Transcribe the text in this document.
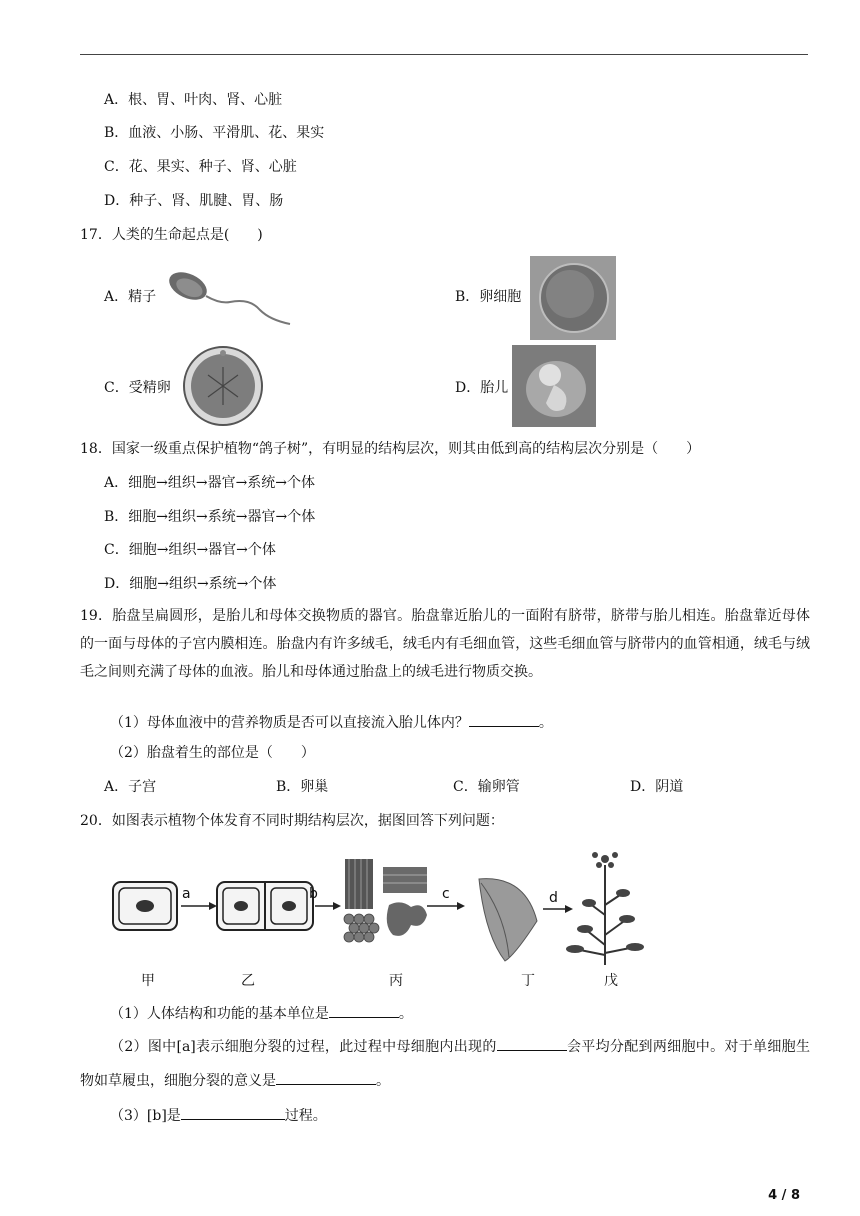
A．根、胃、叶肉、肾、心脏
B．血液、小肠、平滑肌、花、果实
C．花、果实、种子、肾、心脏
D．种子、肾、肌腱、胃、肠
17．人类的生命起点是(　　)
A．精子	B．卵细胞
C．受精卵	D．胎儿
18．国家一级重点保护植物“鸽子树”，有明显的结构层次，则其由低到高的结构层次分别是（　　）
A．细胞→组织→器官→系统→个体
B．细胞→组织→系统→器官→个体
C．细胞→组织→器官→个体
D．细胞→组织→系统→个体
19．胎盘呈扁圆形，是胎儿和母体交换物质的器官。胎盘靠近胎儿的一面附有脐带，脐带与胎儿相连。胎盘靠近母体的一面与母体的子宫内膜相连。胎盘内有许多绒毛，绒毛内有毛细血管，这些毛细血管与脐带内的血管相通，绒毛与绒毛之间则充满了母体的血液。胎儿和母体通过胎盘上的绒毛进行物质交换。
（1）母体血液中的营养物质是否可以直接流入胎儿体内？	。
（2）胎盘着生的部位是（　　）
A．子宫	B．卵巢	C．输卵管	D．阴道
20．如图表示植物个体发育不同时期结构层次，据图回答下列问题：
a	b	c	d
甲	乙	丙	丁	戊
（1）人体结构和功能的基本单位是	。
（2）图中[a]表示细胞分裂的过程，此过程中母细胞内出现的	会平均分配到两细胞中。对于单细胞生物如草履虫，细胞分裂的意义是	。
（3）[b]是	过程。
4 / 8
